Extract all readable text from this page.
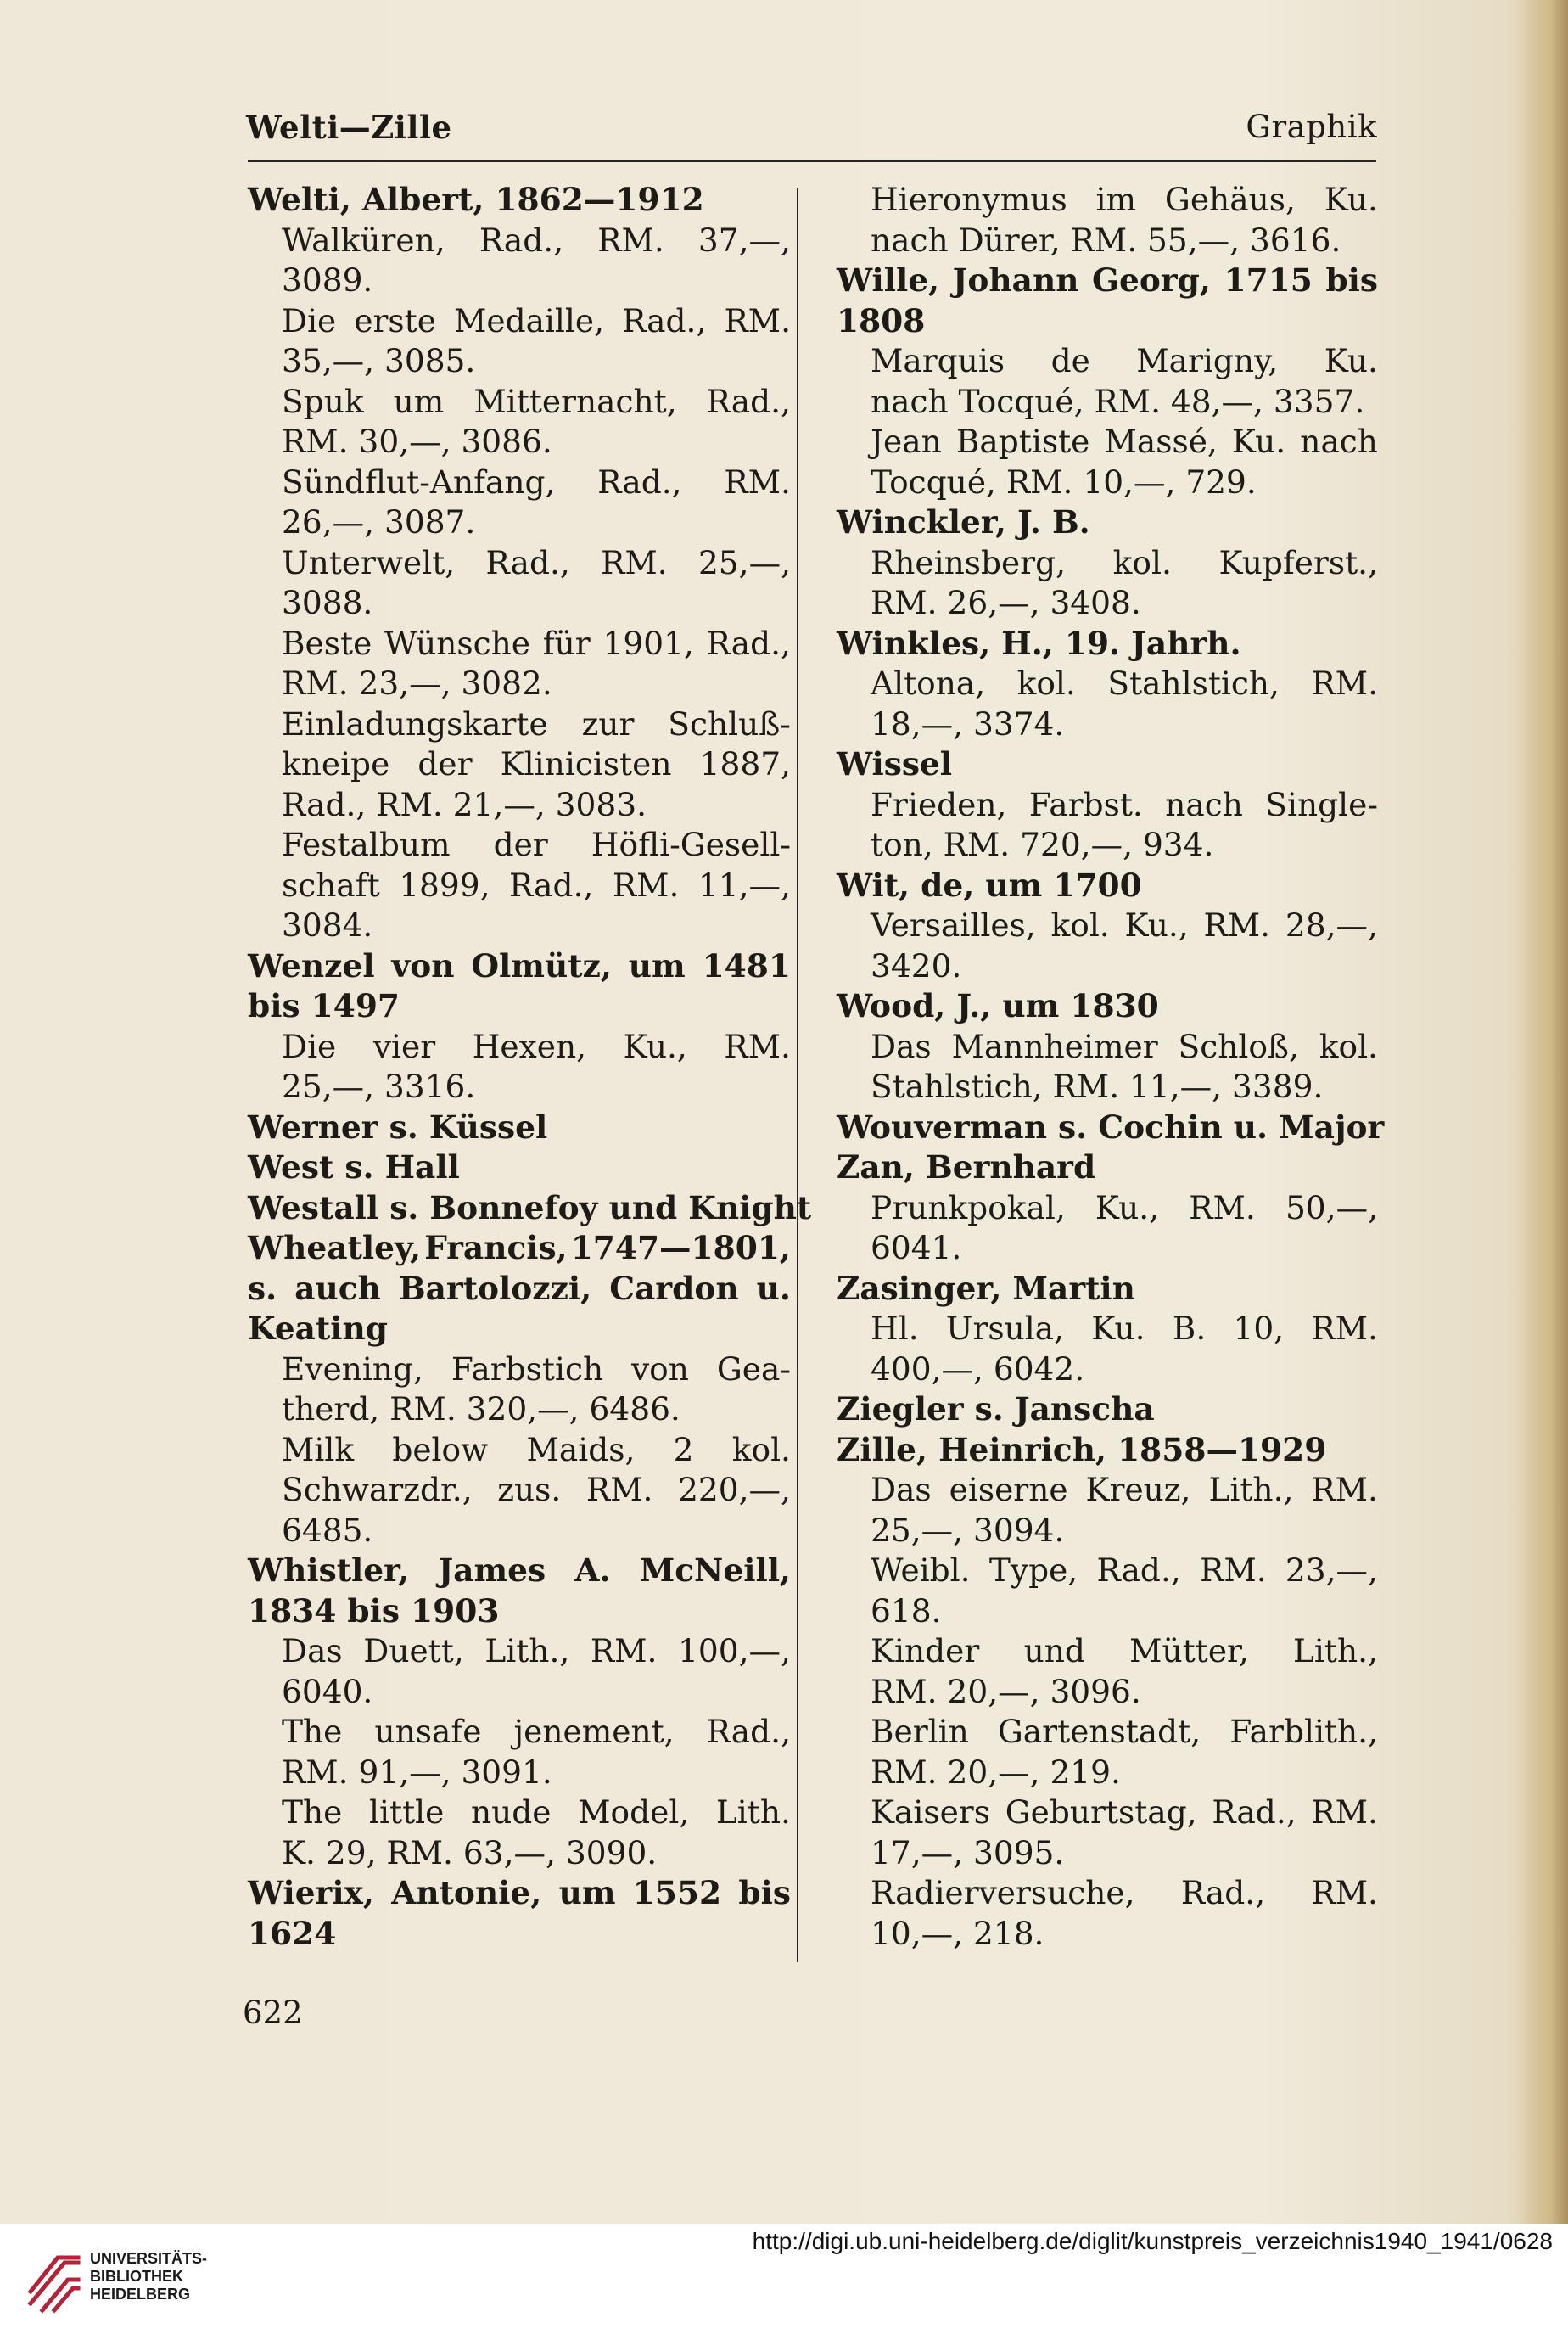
Welti—Zille	Graphik
Welti, Albert, 1862—1912
Walküren, Rad., RM. 37,—,
3089.
Die erste Medaille, Rad., RM.
35,—, 3085.
Spuk um Mitternacht, Rad.,
RM. 30,—, 3086.
Sündflut-Anfang, Rad., RM.
26,—, 3087.
Unterwelt, Rad., RM. 25,—,
3088.
Beste Wünsche für 1901, Rad.,
RM. 23,—, 3082.
Einladungskarte zur Schluß-
kneipe der Klinicisten 1887,
Rad., RM. 21,—, 3083.
Festalbum der Höfli-Gesell-
schaft 1899, Rad., RM. 11,—,
3084.
Wenzel von Olmütz, um 1481
bis 1497
Die vier Hexen, Ku., RM.
25,—, 3316.
Werner s. Küssel
West s. Hall
Westall s. Bonnefoy und Knight
Wheatley, Francis, 1747—1801,
s. auch Bartolozzi, Cardon u.
Keating
Evening, Farbstich von Gea-
therd, RM. 320,—, 6486.
Milk below Maids, 2 kol.
Schwarzdr., zus. RM. 220,—,
6485.
Whistler, James A. McNeill,
1834 bis 1903
Das Duett, Lith., RM. 100,—,
6040.
The unsafe jenement, Rad.,
RM. 91,—, 3091.
The little nude Model, Lith.
K. 29, RM. 63,—, 3090.
Wierix, Antonie, um 1552 bis
1624
Hieronymus im Gehäus, Ku.
nach Dürer, RM. 55,—, 3616.
Wille, Johann Georg, 1715 bis
1808
Marquis de Marigny, Ku.
nach Tocqué, RM. 48,—, 3357.
Jean Baptiste Massé, Ku. nach
Tocqué, RM. 10,—, 729.
Winckler, J. B.
Rheinsberg, kol. Kupferst.,
RM. 26,—, 3408.
Winkles, H., 19. Jahrh.
Altona, kol. Stahlstich, RM.
18,—, 3374.
Wissel
Frieden, Farbst. nach Single-
ton, RM. 720,—, 934.
Wit, de, um 1700
Versailles, kol. Ku., RM. 28,—,
3420.
Wood, J., um 1830
Das Mannheimer Schloß, kol.
Stahlstich, RM. 11,—, 3389.
Wouverman s. Cochin u. Major
Zan, Bernhard
Prunkpokal, Ku., RM. 50,—,
6041.
Zasinger, Martin
Hl. Ursula, Ku. B. 10, RM.
400,—, 6042.
Ziegler s. Janscha
Zille, Heinrich, 1858—1929
Das eiserne Kreuz, Lith., RM.
25,—, 3094.
Weibl. Type, Rad., RM. 23,—,
618.
Kinder und Mütter, Lith.,
RM. 20,—, 3096.
Berlin Gartenstadt, Farblith.,
RM. 20,—, 219.
Kaisers Geburtstag, Rad., RM.
17,—, 3095.
Radierversuche, Rad., RM.
10,—, 218.
622
UNIVERSITÄTS-
BIBLIOTHEK
HEIDELBERG
http://digi.ub.uni-heidelberg.de/diglit/kunstpreis_verzeichnis1940_1941/0628
